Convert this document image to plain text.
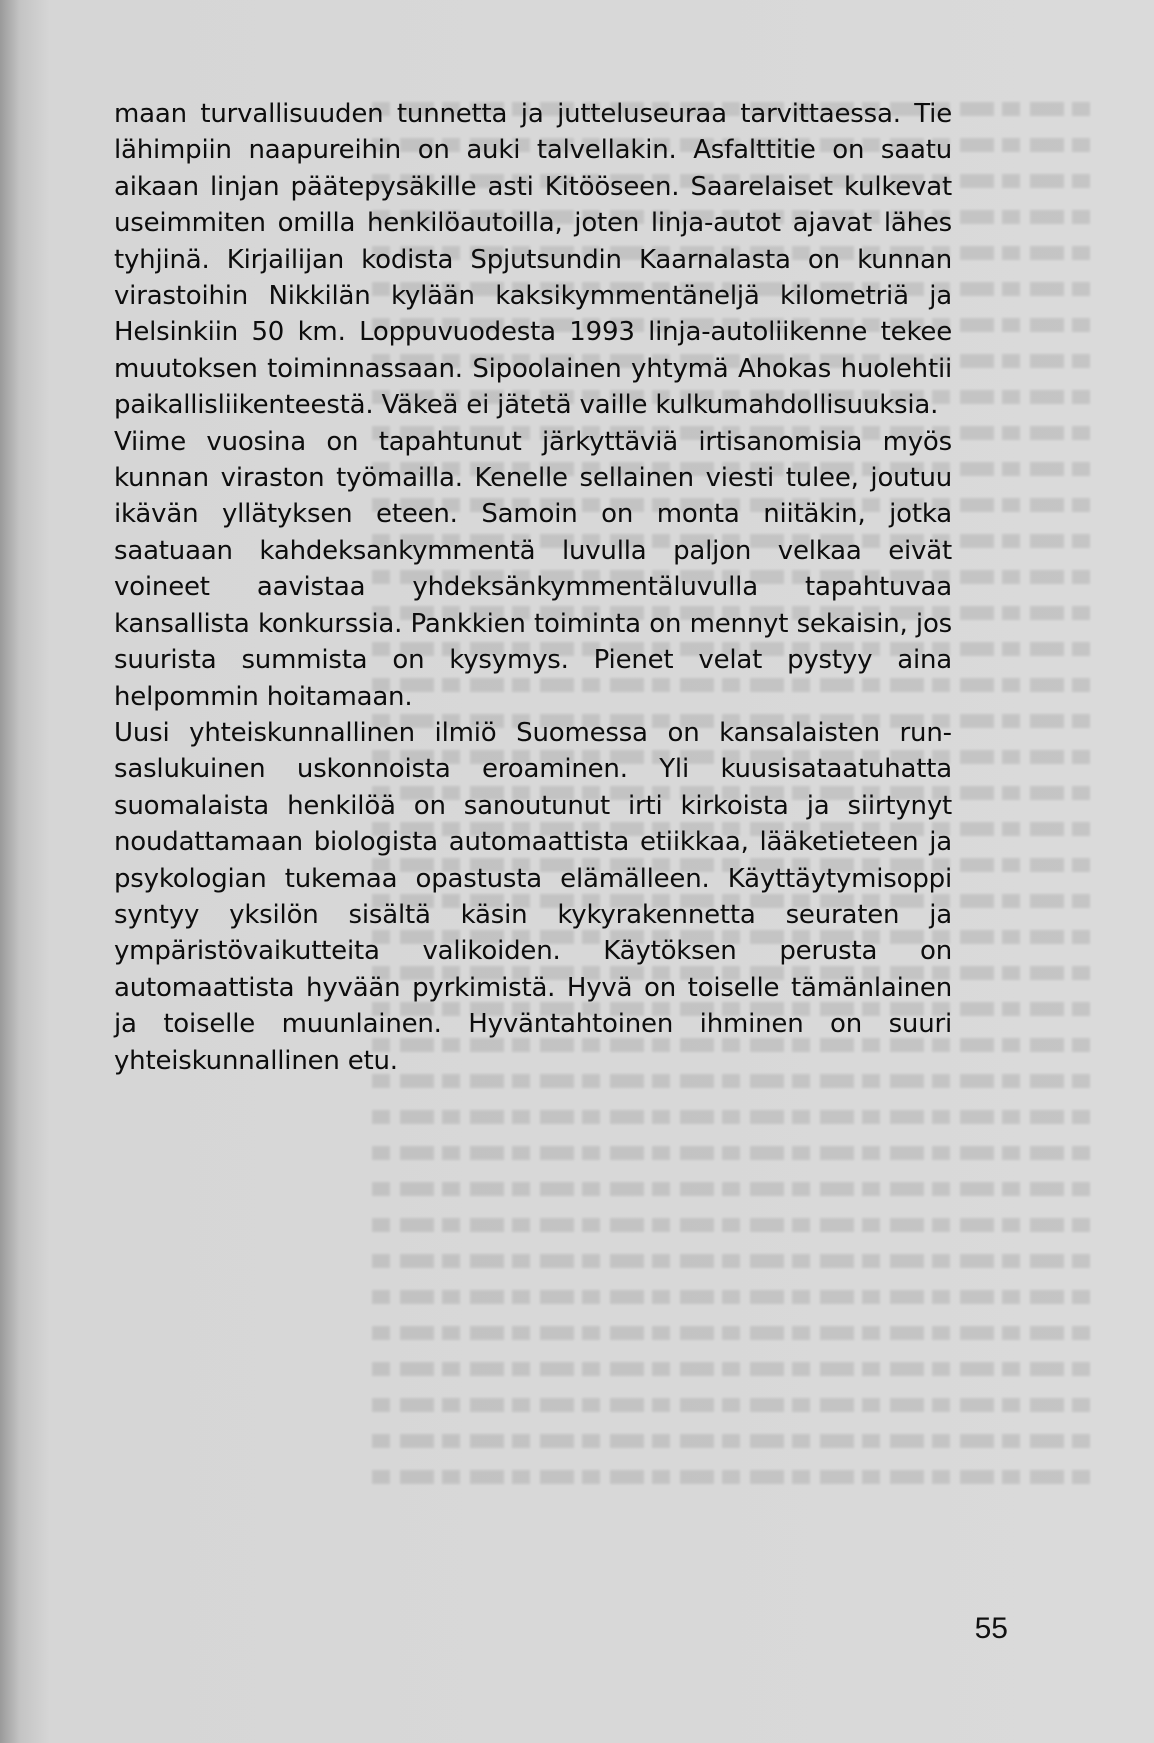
maan turvallisuuden tunnetta ja jutteluseuraa tarvittaessa. Tie lähimpiin naapureihin on auki talvellakin. Asfalttitie on saatu aikaan linjan päätepysäkille asti Kitööseen. Saarelaiset kulkevat useimmiten omilla henkilöautoilla, joten linja-autot ajavat lähes tyhjinä. Kirjailijan kodista Spjutsundin Kaarnalasta on kunnan virastoihin Nikkilän kylään kaksikymmentäneljä kilometriä ja Helsinkiin 50 km. Loppuvuodesta 1993 linja-autoliikenne tekee muutoksen toiminnassaan. Sipoolainen yhtymä Ahokas huolehtii paikallisliikenteestä. Väkeä ei jätetä vaille kulkumahdollisuuksia.

Viime vuosina on tapahtunut järkyttäviä irtisanomisia myös kunnan viraston työmailla. Kenelle sellainen viesti tulee, joutuu ikävän yllätyksen eteen. Samoin on monta niitäkin, jotka saatuaan kahdeksankymmentä luvulla paljon velkaa eivät voineet aavistaa yhdeksänkymmentäluvulla tapahtuvaa kansallista konkurssia. Pankkien toiminta on mennyt sekaisin, jos suurista summista on kysymys. Pienet velat pystyy aina helpommin hoitamaan.

Uusi yhteiskunnallinen ilmiö Suomessa on kansalaisten runsaslukuinen uskonnoista eroaminen. Yli kuusisataatuhatta suomalaista henkilöä on sanoutunut irti kirkoista ja siirtynyt noudattamaan biologista automaattista etiikkaa, lääketieteen ja psykologian tukemaa opastusta elämälleen. Käyttäytymisoppi syntyy yksilön sisältä käsin kykyrakennetta seuraten ja ympäristövaikutteita valikoiden. Käytöksen perusta on automaattista hyvään pyrkimistä. Hyvä on toiselle tämänlainen ja toiselle muunlainen. Hyväntahtoinen ihminen on suuri yhteiskunnallinen etu.

55
